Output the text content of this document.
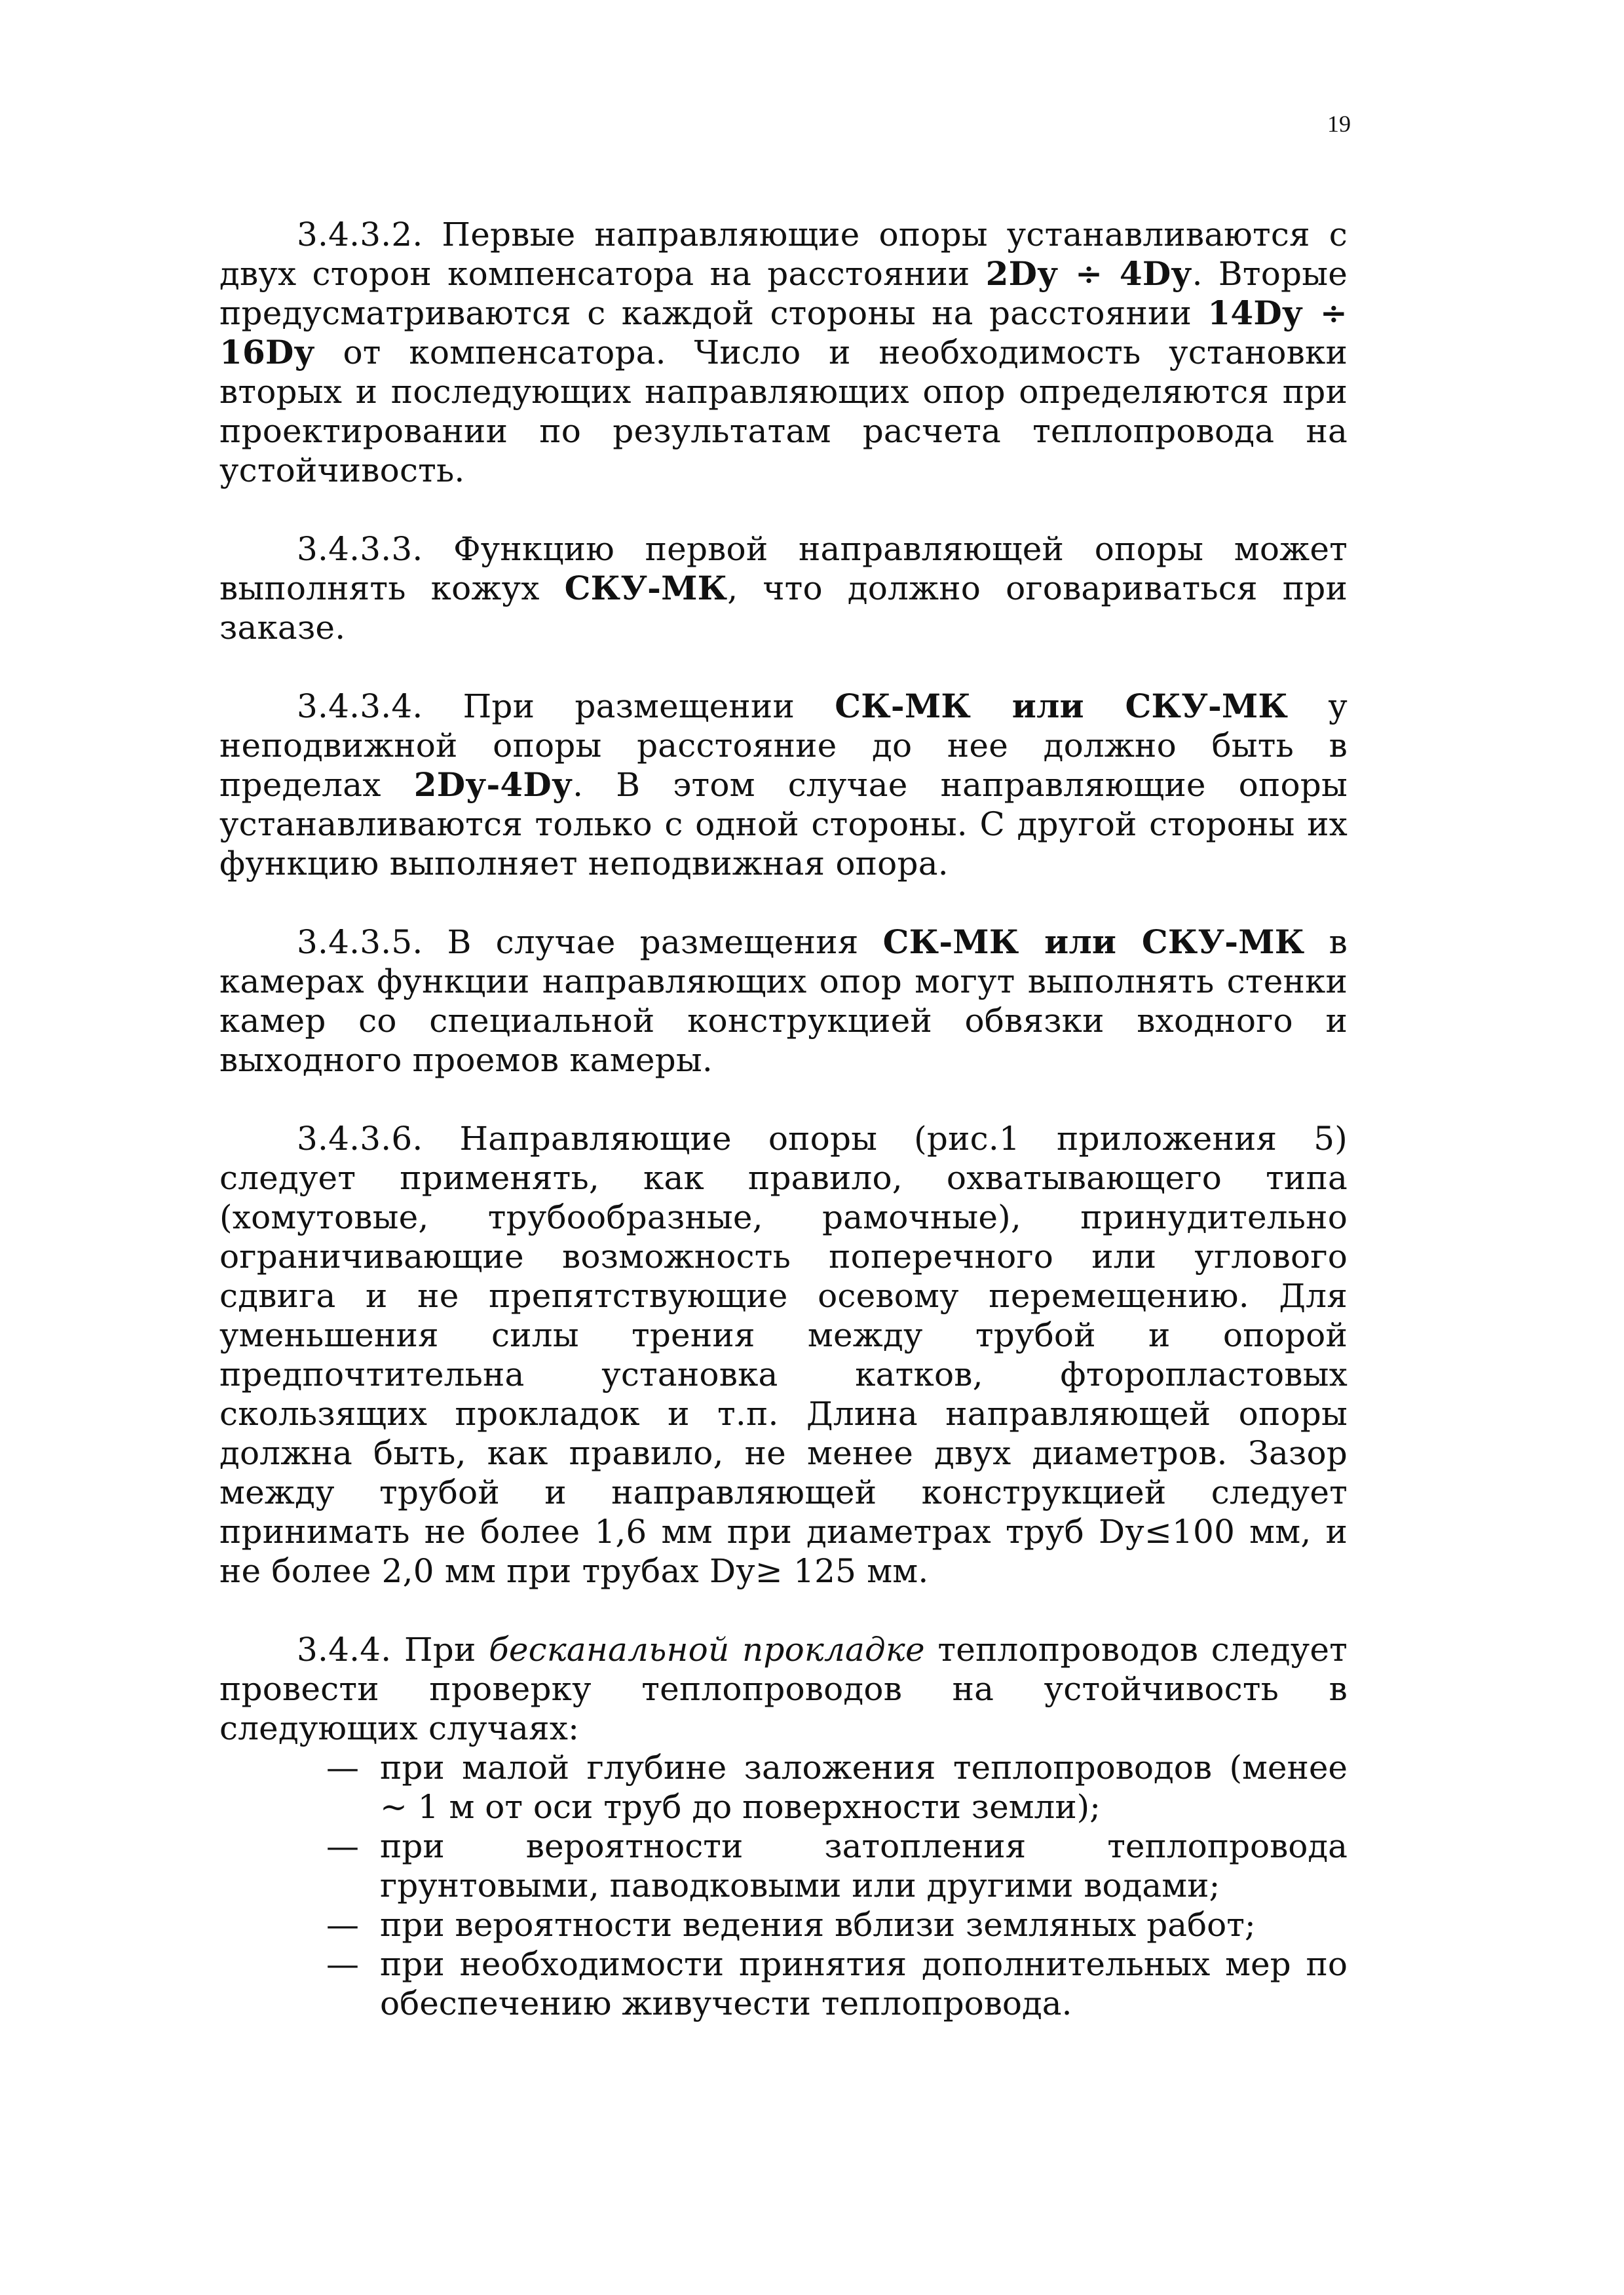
19

3.4.3.2. Первые направляющие опоры устанавливаются с двух сторон компенсатора на расстоянии 2Dу ÷ 4Dу. Вторые предусматриваются с каждой стороны на расстоянии 14Dу ÷ 16Dу от компенсатора. Число и необходимость установки вторых и последующих направляющих опор определяются при проектировании по результатам расчета теплопровода на устойчивость.

3.4.3.3. Функцию первой направляющей опоры может выполнять кожух СКУ-МК, что должно оговариваться при заказе.

3.4.3.4. При размещении СК-МК или СКУ-МК у неподвижной опоры расстояние до нее должно быть в пределах 2Dу-4Dу. В этом случае направляющие опоры устанавливаются только с одной стороны. С другой стороны их функцию выполняет неподвижная опора.

3.4.3.5. В случае размещения СК-МК или СКУ-МК в камерах функции направляющих опор могут выполнять стенки камер со специальной конструкцией обвязки входного и выходного проемов камеры.

3.4.3.6. Направляющие опоры (рис.1 приложения 5) следует применять, как правило, охватывающего типа (хомутовые, трубообразные, рамочные), принудительно ограничивающие возможность поперечного или углового сдвига и не препятствующие осевому перемещению. Для уменьшения силы трения между трубой и опорой предпочтительна установка катков, фторопластовых скользящих прокладок и т.п. Длина направляющей опоры должна быть, как правило, не менее двух диаметров. Зазор между трубой и направляющей конструкцией следует принимать не более 1,6 мм при диаметрах труб Dу≤100 мм, и не более 2,0 мм при трубах Dу≥ 125 мм.

3.4.4. При бесканальной прокладке теплопроводов следует провести проверку теплопроводов на устойчивость в следующих случаях:

— при малой глубине заложения теплопроводов (менее ~ 1 м от оси труб до поверхности земли);
— при вероятности затопления теплопровода грунтовыми, паводковыми или другими водами;
— при вероятности ведения вблизи земляных работ;
— при необходимости принятия дополнительных мер по обеспечению живучести теплопровода.
